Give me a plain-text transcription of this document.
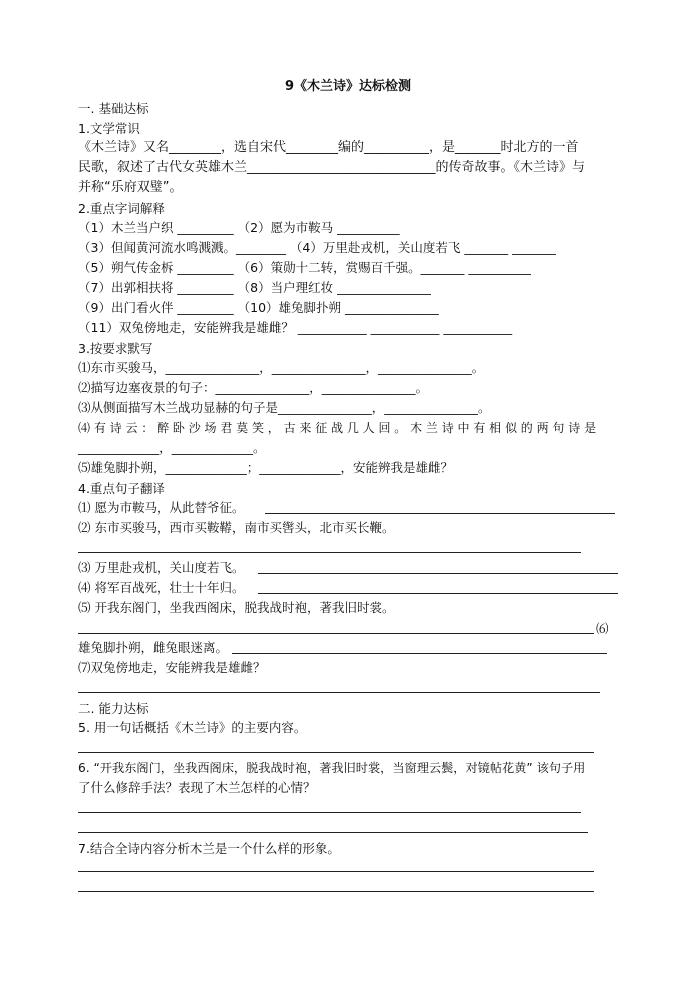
9《木兰诗》达标检测
一. 基础达标
1.文学常识
《木兰诗》又名________，选自宋代________编的__________，是_______时北方的一首
民歌，叙述了古代女英雄木兰_____________________________的传奇故事。《木兰诗》与
并称“乐府双璧”。
2.重点字词解释
（1）木兰当户织 _________ （2）愿为市鞍马 __________
（3）但闻黄河流水鸣溅溅。________ （4）万里赴戎机，关山度若飞 _______ _______
（5）朔气传金柝 _________ （6）策勋十二转，赏赐百千强。_______ __________
（7）出郭相扶将 _________ （8）当户理红妆 _______________
（9）出门看火伴 _________ （10）雄兔脚扑朔 _______________
（11）双兔傍地走，安能辨我是雄雌？ ___________ ___________ ___________
3.按要求默写
⑴东市买骏马，_______________，_______________，_______________。
⑵描写边塞夜景的句子：_______________，_______________。
⑶从侧面描写木兰战功显赫的句子是_______________，_______________。
⑷ 有 诗 云 ： 醉 卧 沙 场 君 莫 笑 ， 古 来 征 战 几 人 回 。 木 兰 诗 中 有 相 似 的 两 句 诗 是
_____________，_____________。
⑸雄兔脚扑朔，_____________；_____________，安能辨我是雄雌？
4.重点句子翻译
⑴ 愿为市鞍马，从此替爷征。
⑵ 东市买骏马，西市买鞍鞯，南市买辔头，北市买长鞭。
⑶ 万里赴戎机，关山度若飞。
⑷ 将军百战死，壮士十年归。
⑸ 开我东阁门，坐我西阁床，脱我战时袍，著我旧时裳。
⑹
雄兔脚扑朔，雌兔眼迷离。
⑺双兔傍地走，安能辨我是雄雌？
二. 能力达标
5. 用一句话概括《木兰诗》的主要内容。
6. “开我东阁门，坐我西阁床，脱我战时袍，著我旧时裳，当窗理云鬓，对镜帖花黄” 该句子用
了什么修辞手法？表现了木兰怎样的心情？
7.结合全诗内容分析木兰是一个什么样的形象。
